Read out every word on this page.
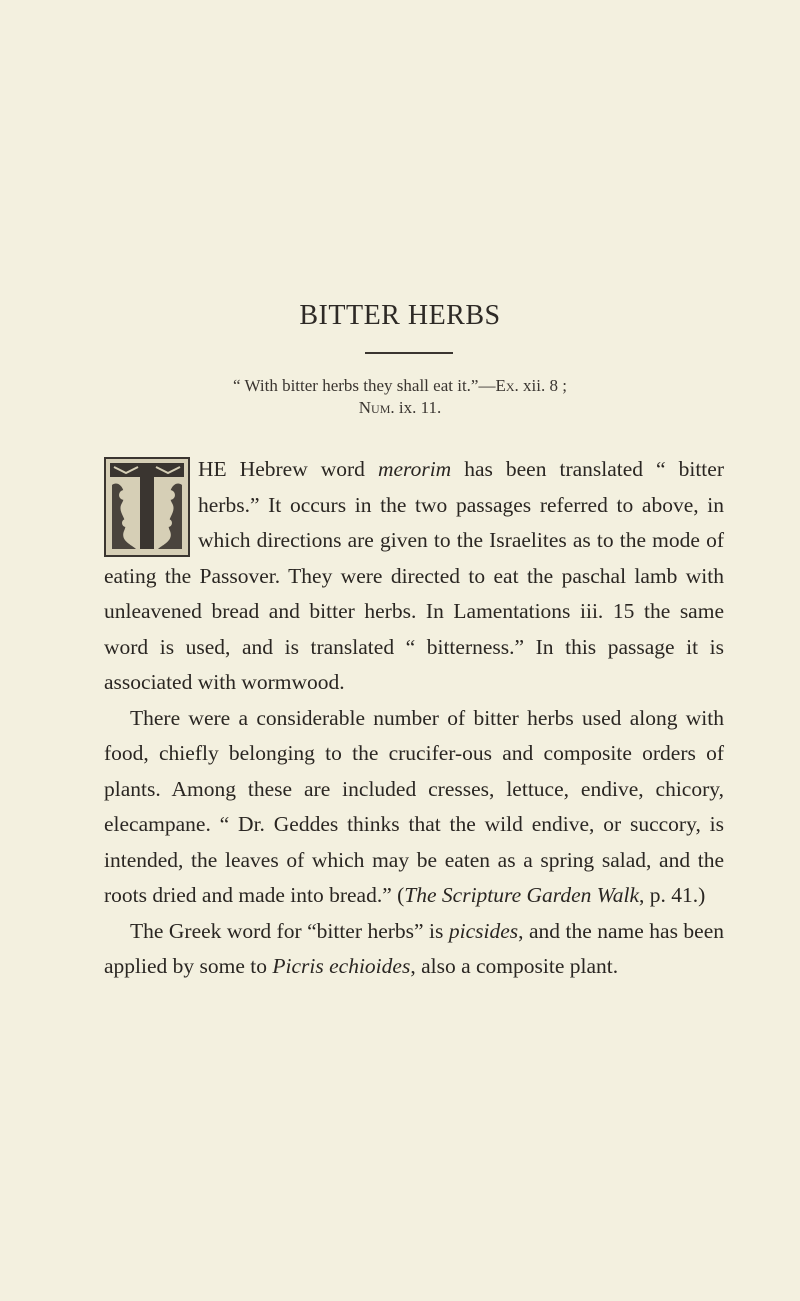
BITTER HERBS
“ With bitter herbs they shall eat it.”—Ex. xii. 8 ;
Num. ix. 11.

HE Hebrew word merorim has been translated “ bitter herbs.” It occurs in the two passages referred to above, in which directions are given to the Israelites as to the mode of eating the Passover. They were directed to eat the paschal lamb with unleavened bread and bitter herbs. In Lamentations iii. 15 the same word is used, and is translated “ bitterness.” In this passage it is associated with wormwood.

There were a considerable number of bitter herbs used along with food, chiefly belonging to the crucifer-ous and composite orders of plants. Among these are included cresses, lettuce, endive, chicory, elecampane. “ Dr. Geddes thinks that the wild endive, or succory, is intended, the leaves of which may be eaten as a spring salad, and the roots dried and made into bread.” (The Scripture Garden Walk, p. 41.)

The Greek word for “bitter herbs” is picsides, and the name has been applied by some to Picris echioides, also a composite plant.
